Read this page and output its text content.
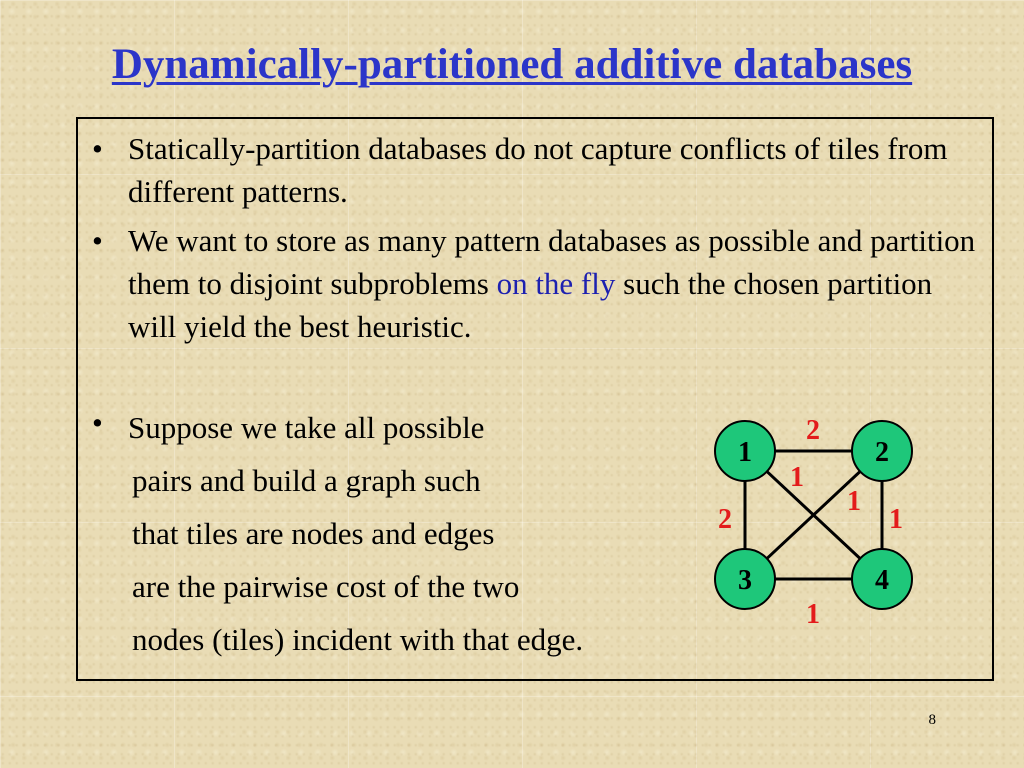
Dynamically-partitioned additive databases
• Statically-partition databases do not capture conflicts of tiles from different patterns.
• We want to store as many pattern databases as possible and partition them to disjoint subproblems on the fly such the chosen partition will yield the best heuristic.
• Suppose we take all possible
pairs and build a graph such
that tiles are nodes and edges
are the pairwise cost of the two
nodes (tiles) incident with that edge.
1	2
3	4
2
1
1
2	1
1
8
